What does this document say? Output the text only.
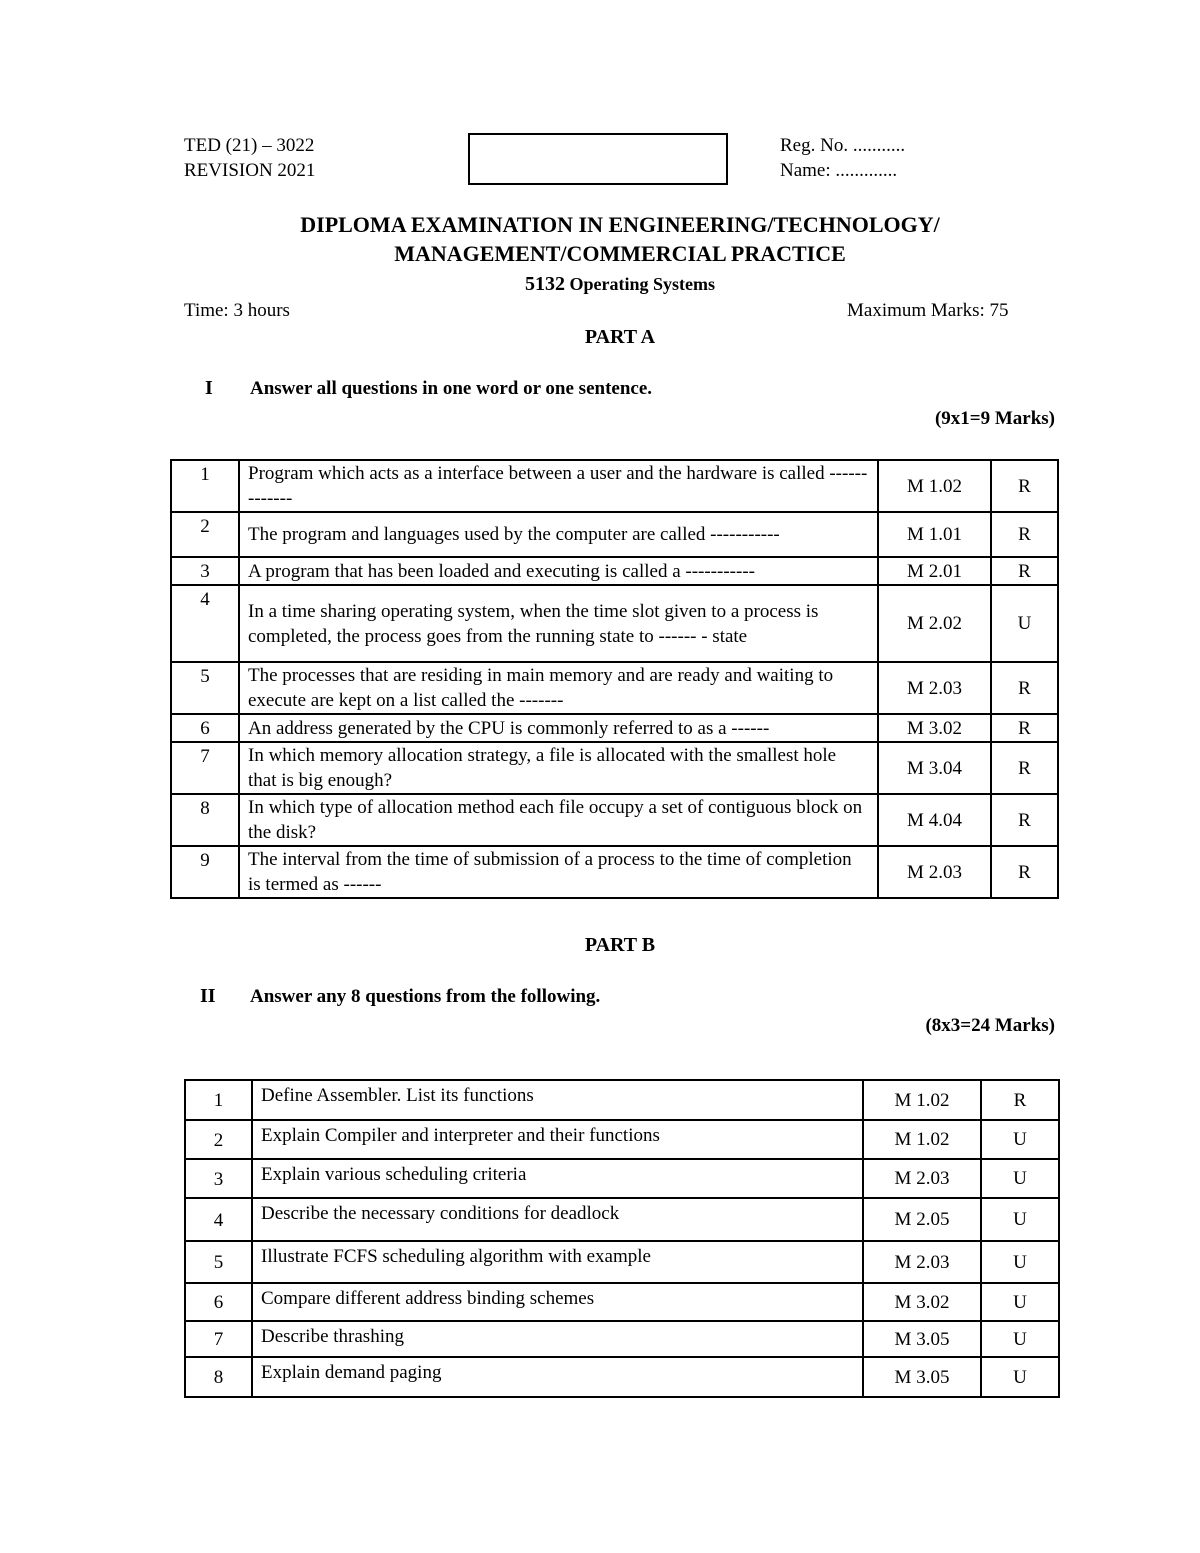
TED (21) – 3022
REVISION 2021
Reg. No. ...........
Name: .............
DIPLOMA EXAMINATION IN ENGINEERING/TECHNOLOGY/
MANAGEMENT/COMMERCIAL PRACTICE
5132 Operating Systems
Time: 3 hours	Maximum Marks: 75
PART A
I Answer all questions in one word or one sentence.
(9x1=9 Marks)
1	Program which acts as a interface between a user and the hardware is called -------------	M 1.02	R
2	The program and languages used by the computer are called -----------	M 1.01	R
3	A program that has been loaded and executing is called a -----------	M 2.01	R
4	In a time sharing operating system, when the time slot given to a process is completed, the process goes from the running state to ------ - state	M 2.02	U
5	The processes that are residing in main memory and are ready and waiting to execute are kept on a list called the -------	M 2.03	R
6	An address generated by the CPU is commonly referred to as a ------	M 3.02	R
7	In which memory allocation strategy, a file is allocated with the smallest hole that is big enough?	M 3.04	R
8	In which type of allocation method each file occupy a set of contiguous block on the disk?	M 4.04	R
9	The interval from the time of submission of a process to the time of completion is termed as ------	M 2.03	R
PART B
II Answer any 8 questions from the following.
(8x3=24 Marks)
1	Define Assembler. List its functions	M 1.02	R
2	Explain Compiler and interpreter and their functions	M 1.02	U
3	Explain various scheduling criteria	M 2.03	U
4	Describe the necessary conditions for deadlock	M 2.05	U
5	Illustrate FCFS scheduling algorithm with example	M 2.03	U
6	Compare different address binding schemes	M 3.02	U
7	Describe thrashing	M 3.05	U
8	Explain demand paging	M 3.05	U
